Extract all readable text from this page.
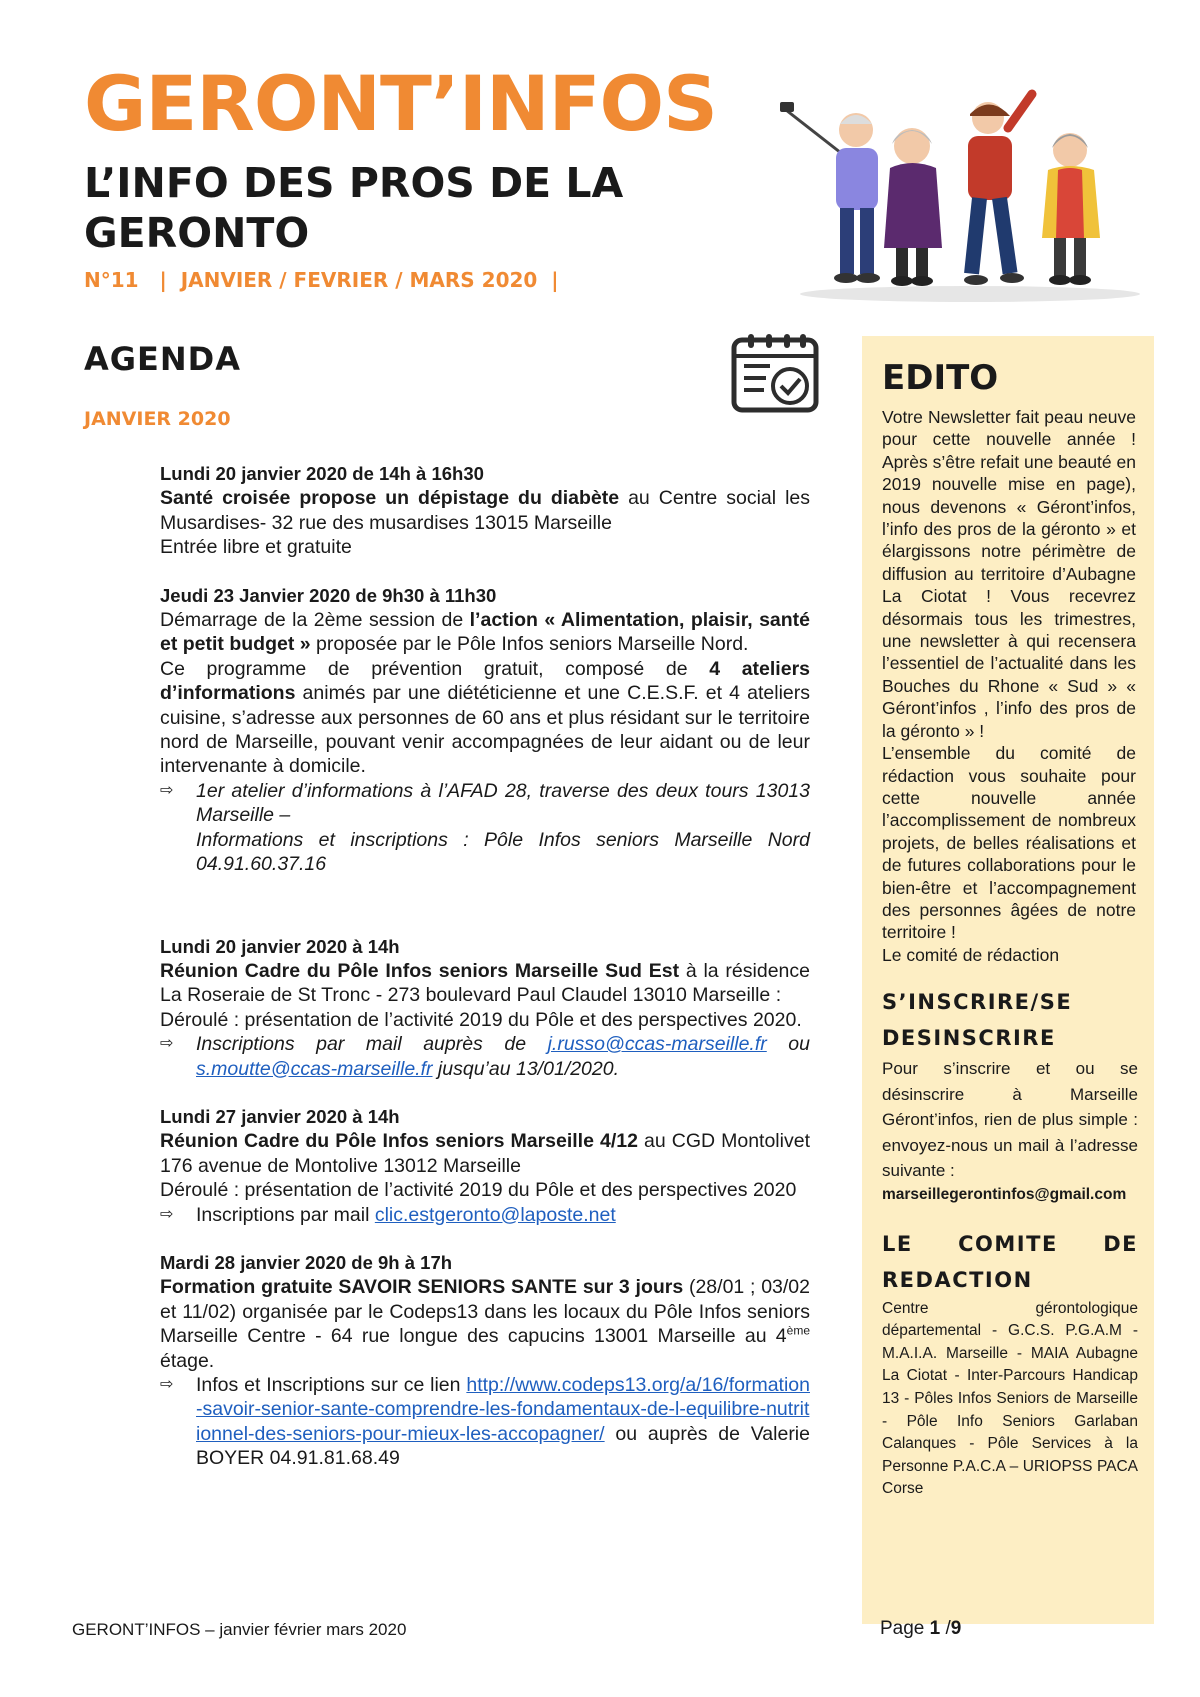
GERONT’INFOS
L’INFO DES PROS DE LA GERONTO
N°11   |  JANVIER / FEVRIER / MARS 2020  |
AGENDA
JANVIER 2020
Lundi 20 janvier 2020 de 14h à 16h30
Santé croisée propose un dépistage du diabète au Centre social les Musardises- 32 rue des musardises 13015 Marseille
Entrée libre et gratuite
Jeudi 23 Janvier 2020 de 9h30 à 11h30
Démarrage de la 2ème session de l’action « Alimentation, plaisir, santé et petit budget » proposée par le Pôle Infos seniors Marseille Nord.
Ce programme de prévention gratuit, composé de 4 ateliers d’informations animés par une diététicienne et une C.E.S.F. et 4 ateliers cuisine, s’adresse aux personnes de 60 ans et plus résidant sur le territoire nord de Marseille, pouvant venir accompagnées de leur aidant ou de leur intervenante à domicile.
⇨ 1er atelier d’informations à l’AFAD 28, traverse des deux tours 13013 Marseille –
Informations et inscriptions : Pôle Infos seniors Marseille Nord 04.91.60.37.16
Lundi 20 janvier 2020 à 14h
Réunion Cadre du Pôle Infos seniors Marseille Sud Est à la résidence La Roseraie de St Tronc - 273 boulevard Paul Claudel 13010 Marseille :
Déroulé : présentation de l’activité 2019 du Pôle et des perspectives 2020.
⇨ Inscriptions par mail auprès de j.russo@ccas-marseille.fr ou s.moutte@ccas-marseille.fr jusqu’au 13/01/2020.
Lundi 27 janvier 2020 à 14h
Réunion Cadre du Pôle Infos seniors Marseille 4/12 au CGD Montolivet 176 avenue de Montolive 13012 Marseille
Déroulé : présentation de l’activité 2019 du Pôle et des perspectives 2020
⇨ Inscriptions par mail clic.estgeronto@laposte.net
Mardi 28 janvier 2020 de 9h à 17h
Formation gratuite SAVOIR SENIORS SANTE sur 3 jours (28/01 ; 03/02 et 11/02) organisée par le Codeps13 dans les locaux du Pôle Infos seniors Marseille Centre - 64 rue longue des capucins 13001 Marseille au 4ème étage.
⇨ Infos et Inscriptions sur ce lien http://www.codeps13.org/a/16/formation-savoir-senior-sante-comprendre-les-fondamentaux-de-l-equilibre-nutritionnel-des-seniors-pour-mieux-les-accopagner/ ou auprès de Valerie BOYER 04.91.81.68.49
EDITO
Votre Newsletter fait peau neuve pour cette nouvelle année ! Après s’être refait une beauté en 2019 nouvelle mise en page), nous devenons « Géront’infos, l’info des pros de la géronto » et élargissons notre périmètre de diffusion au territoire d’Aubagne La Ciotat ! Vous recevrez désormais tous les trimestres, une newsletter à qui recensera l’essentiel de l’actualité dans les Bouches du Rhone « Sud » « Géront’infos , l’info des pros de la géronto » !
L’ensemble du comité de rédaction vous souhaite pour cette nouvelle année l’accomplissement de nombreux projets, de belles réalisations et de futures collaborations pour le bien-être et l’accompagnement des personnes âgées de notre territoire !
Le comité de rédaction
S’INSCRIRE/SE DESINSCRIRE
Pour s’inscrire et ou se désinscrire à Marseille Géront’infos, rien de plus simple : envoyez-nous un mail à l’adresse suivante :
marseillegerontinfos@gmail.com
LE COMITE DE REDACTION
Centre gérontologique départemental - G.C.S. P.G.A.M - M.A.I.A. Marseille - MAIA Aubagne La Ciotat - Inter-Parcours Handicap 13 - Pôles Infos Seniors de Marseille - Pôle Info Seniors Garlaban Calanques - Pôle Services à la Personne P.A.C.A – URIOPSS PACA Corse
GERONT’INFOS – janvier février mars 2020	Page 1 /9
